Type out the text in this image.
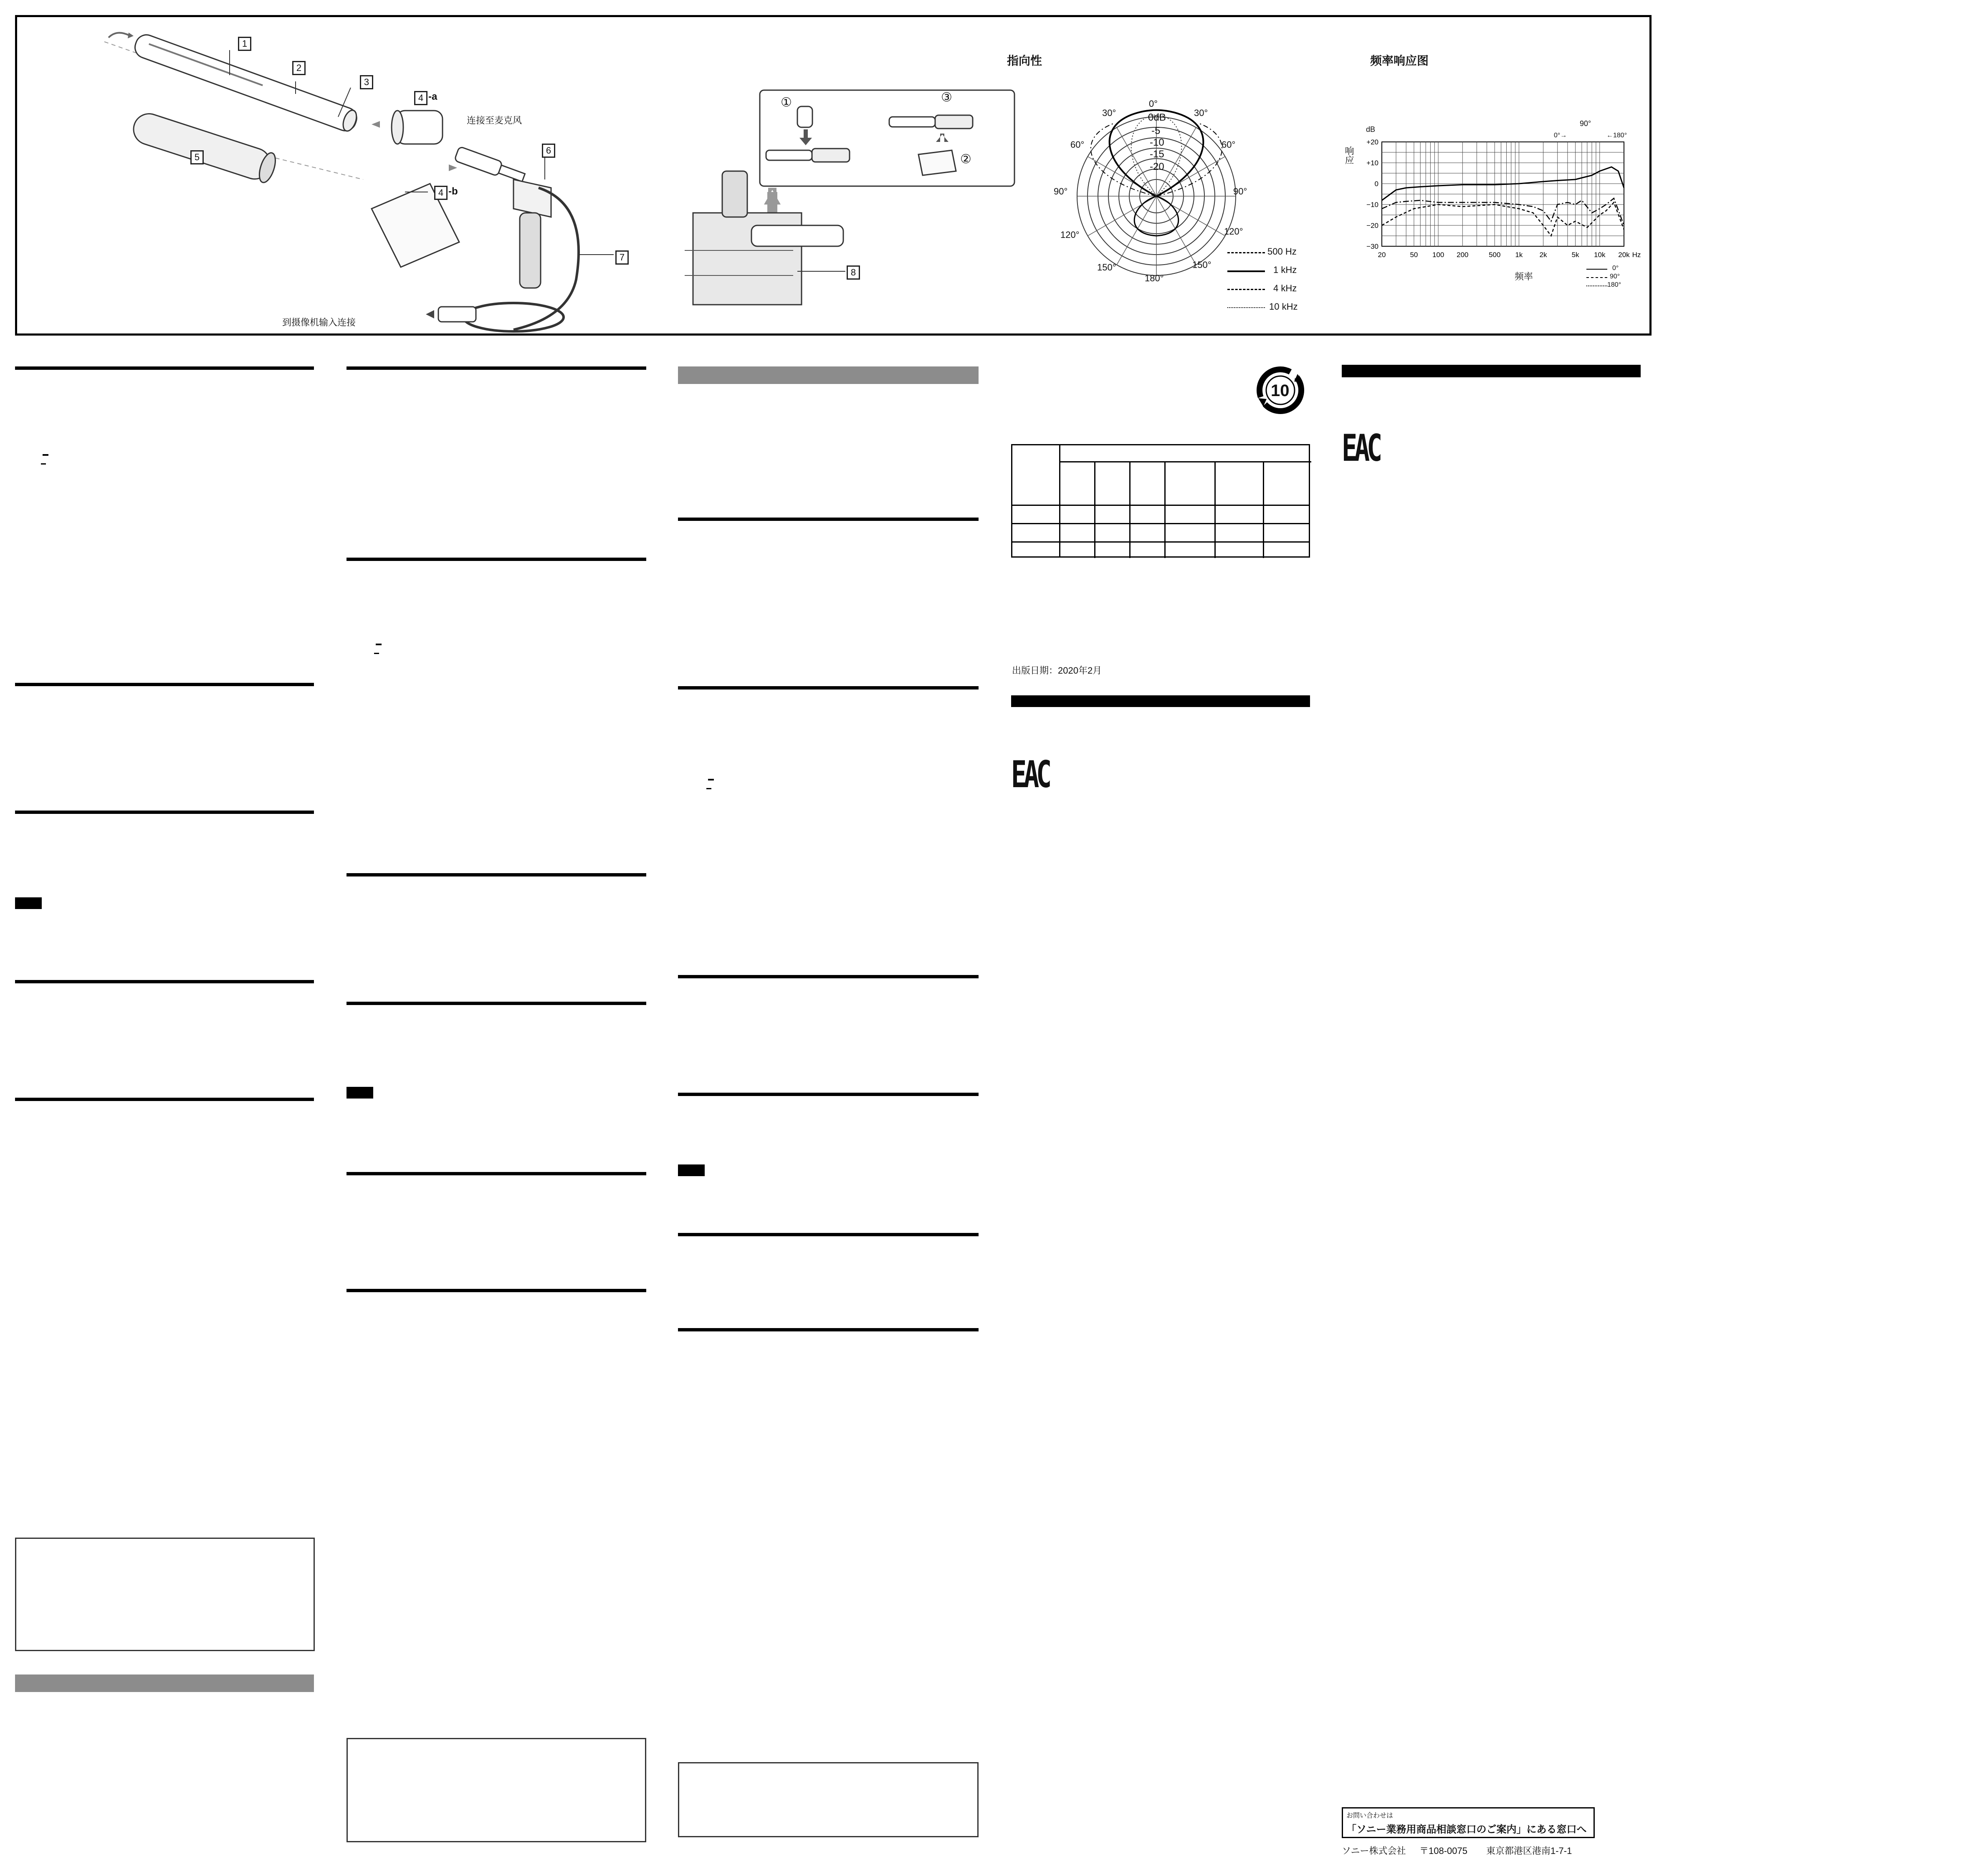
1
2
3
4 -a
4 -b
5
6
7
8
连接至麦克风
到摄像机输入连接
①
②
③
指向性
0°
30°	30°
60°	60°
90°	90°
120°	120°
150°	150°
180°
0dB
-5
-10
-15
-20
500 Hz
1 kHz
4 kHz
10 kHz
频率响应图
dB
响应
90°
0°→	←180°
频率
+20
+10
0
−10
−20
−30
20	50 100 200	500 1k 2k	5k 10k 20k Hz
0°
90°
180°
10
出版日期：2020年2月
EAC
EAC
お問い合わせは
「ソニー業務用商品相談窓口のご案内」にある窓口へ
ソニー株式会社 〒108-0075 東京都港区港南1-7-1
